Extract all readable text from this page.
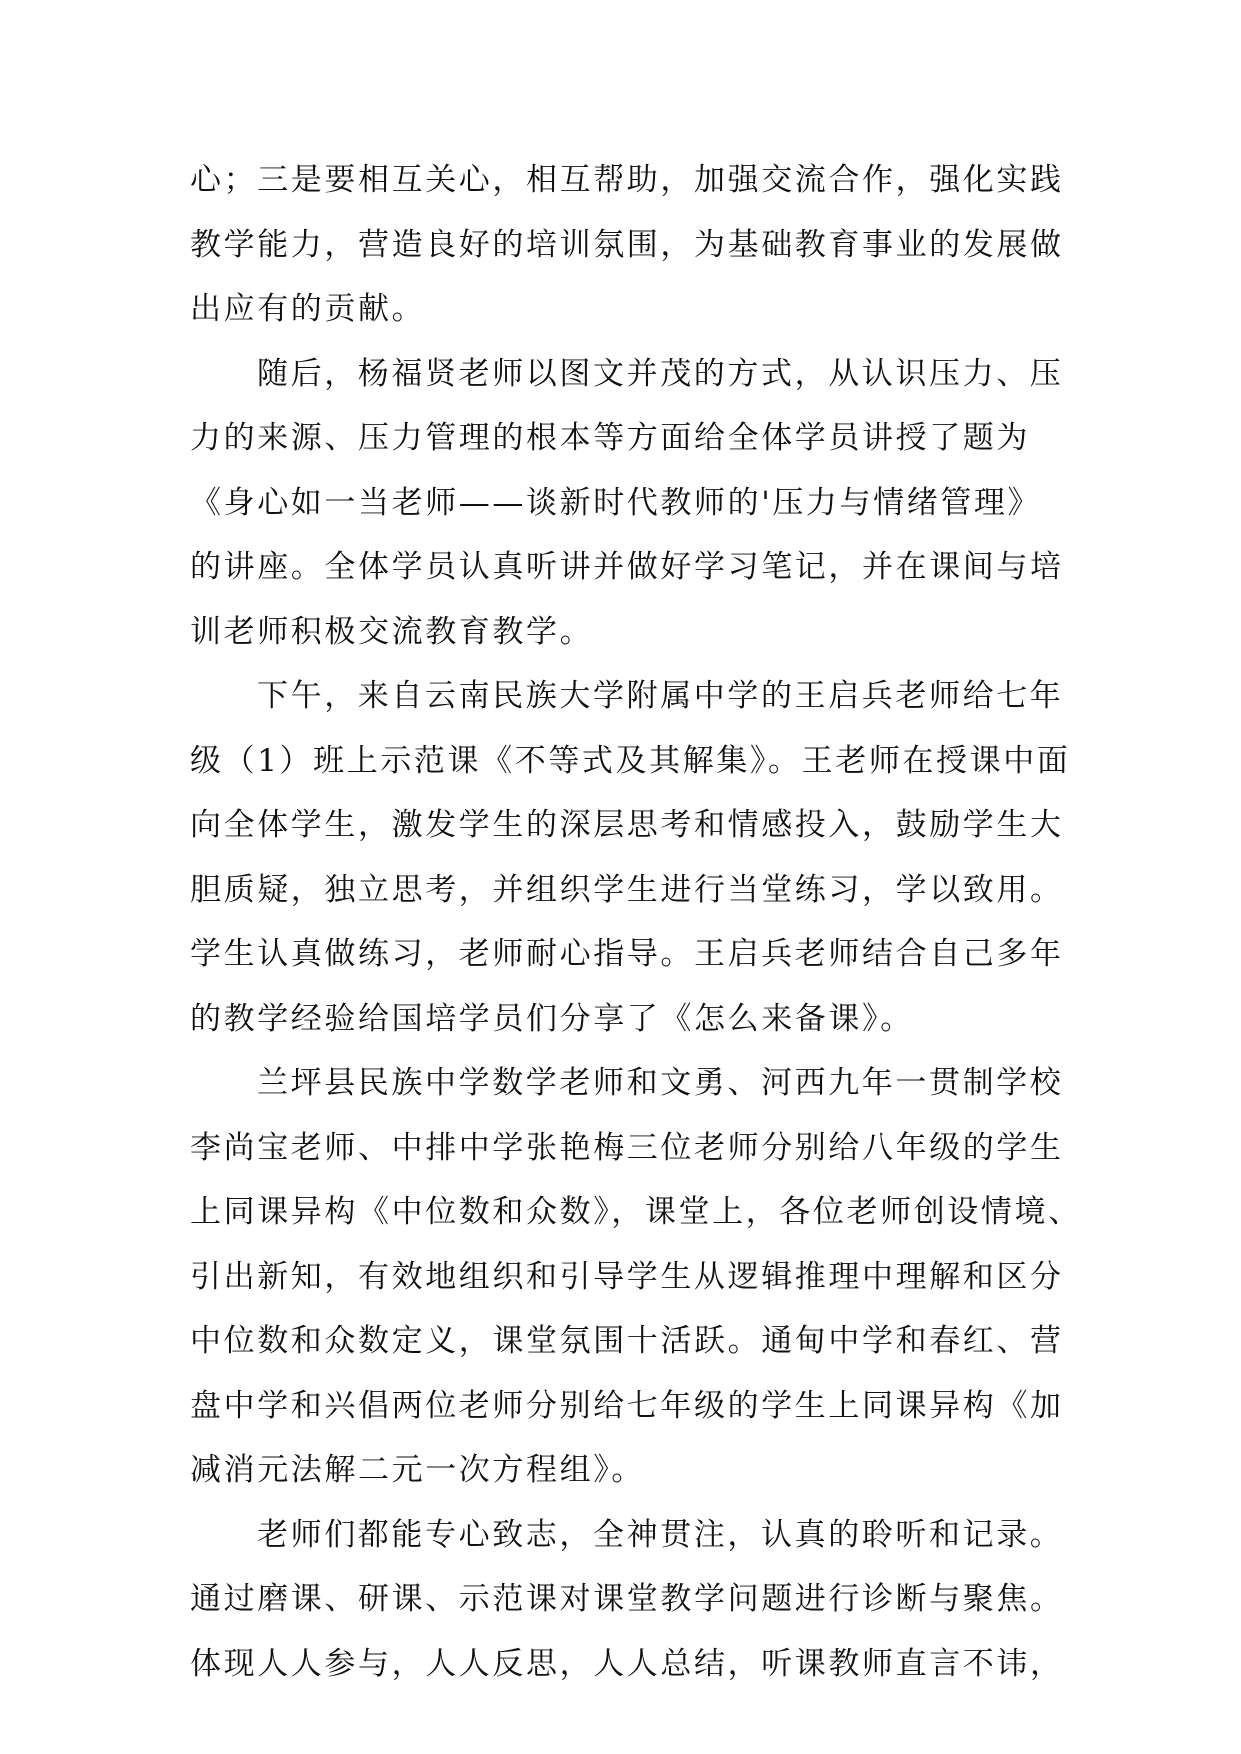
心；三是要相互关心，相互帮助，加强交流合作，强化实践
教学能力，营造良好的培训氛围，为基础教育事业的发展做
出应有的贡献。
随后，杨福贤老师以图文并茂的方式，从认识压力、压
力的来源、压力管理的根本等方面给全体学员讲授了题为
《身心如一当老师——谈新时代教师的'压力与情绪管理》
的讲座。全体学员认真听讲并做好学习笔记，并在课间与培
训老师积极交流教育教学。
下午，来自云南民族大学附属中学的王启兵老师给七年
级（1）班上示范课《不等式及其解集》。王老师在授课中面
向全体学生，激发学生的深层思考和情感投入，鼓励学生大
胆质疑，独立思考，并组织学生进行当堂练习，学以致用。
学生认真做练习，老师耐心指导。王启兵老师结合自己多年
的教学经验给国培学员们分享了《怎么来备课》。
兰坪县民族中学数学老师和文勇、河西九年一贯制学校
李尚宝老师、中排中学张艳梅三位老师分别给八年级的学生
上同课异构《中位数和众数》，课堂上，各位老师创设情境、
引出新知，有效地组织和引导学生从逻辑推理中理解和区分
中位数和众数定义，课堂氛围十活跃。通甸中学和春红、营
盘中学和兴倡两位老师分别给七年级的学生上同课异构《加
减消元法解二元一次方程组》。
老师们都能专心致志，全神贯注，认真的聆听和记录。
通过磨课、研课、示范课对课堂教学问题进行诊断与聚焦。
体现人人参与，人人反思，人人总结，听课教师直言不讳，
